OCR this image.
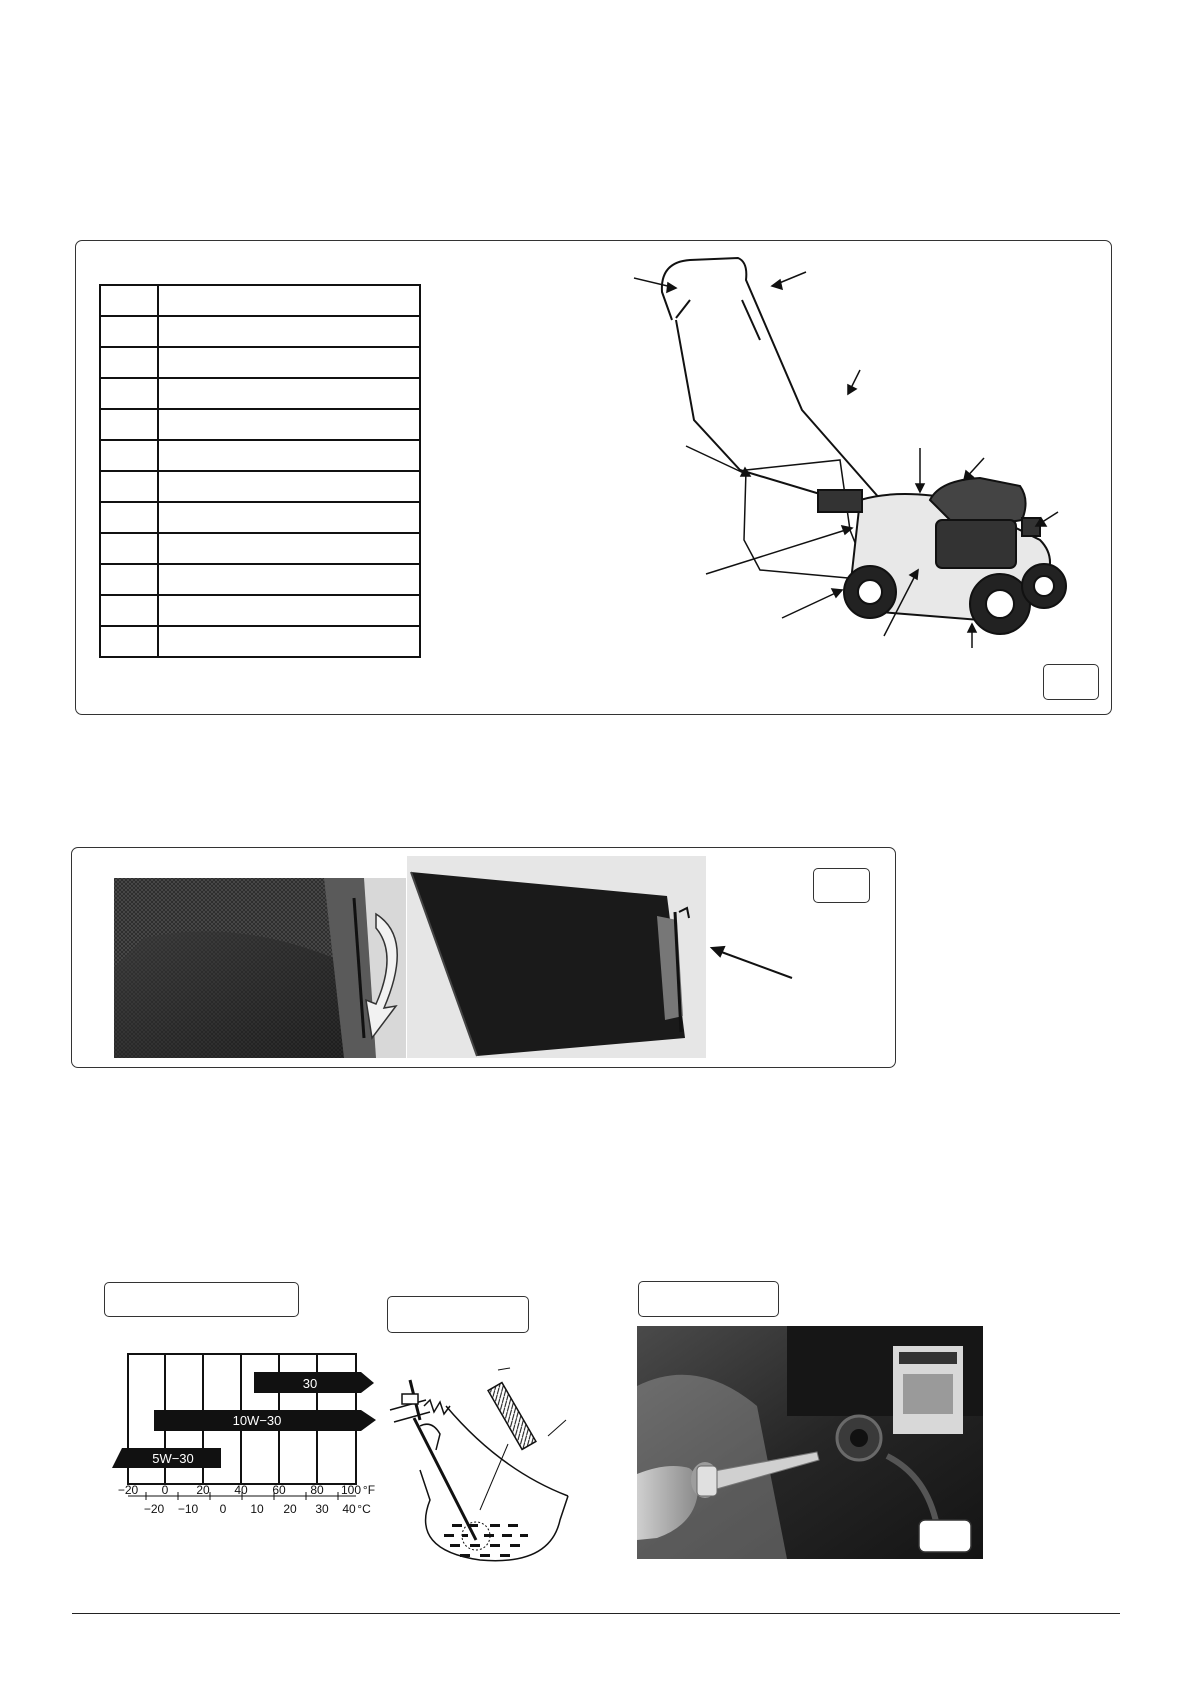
30
10W−30
5W−30
−20 0 20 40 60 80 100 °F
−20 −10 0 10 20 30 40 °C
